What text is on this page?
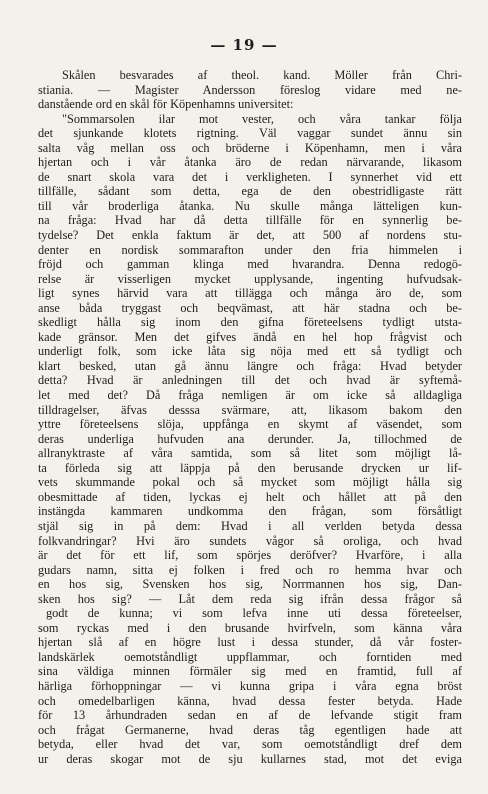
— 19 —
Skålen besvarades af theol. kand. Möller från Chri-
stiania. — Magister Andersson föreslog vidare med ne-
danstående ord en skål för Köpenhamns universitet:
"Sommarsolen ilar mot vester, och våra tankar följa
det sjunkande klotets rigtning. Väl vaggar sundet ännu sin
salta våg mellan oss och bröderne i Köpenhamn, men i våra
hjertan och i vår åtanka äro de redan närvarande, likasom
de snart skola vara det i verkligheten. I synnerhet vid ett
tillfälle, sådant som detta, ega de den obestridligaste rätt
till vår broderliga åtanka. Nu skulle många lätteligen kun-
na fråga: Hvad har då detta tillfälle för en synnerlig be-
tydelse? Det enkla faktum är det, att 500 af nordens stu-
denter en nordisk sommarafton under den fria himmelen i
fröjd och gamman klinga med hvarandra. Denna redogö-
relse är visserligen mycket upplysande, ingenting hufvudsak-
ligt synes härvid vara att tillägga och många äro de, som
anse båda tryggast och beqvämast, att här stadna och be-
skedligt hålla sig inom den gifna företeelsens tydligt utsta-
kade gränsor. Men det gifves ändå en hel hop frågvist och
underligt folk, som icke låta sig nöja med ett så tydligt och
klart besked, utan gå ännu längre och fråga: Hvad betyder
detta? Hvad är anledningen till det och hvad är syftemå-
let med det? Då fråga nemligen är om icke så alldagliga
tilldragelser, äfvas desssa svärmare, att, likasom bakom den
yttre företeelsens slöja, uppfånga en skymt af väsendet, som
deras underliga hufvuden ana derunder. Ja, tillochmed de
allranyktraste af våra samtida, som så litet som möjligt lå-
ta förleda sig att läppja på den berusande drycken ur lif-
vets skummande pokal och så mycket som möjligt hålla sig
obesmittade af tiden, lyckas ej helt och hållet att på den
instängda kammaren undkomma den frågan, som försåtligt
stjäl sig in på dem: Hvad i all verlden betyda dessa
folkvandringar? Hvi äro sundets vågor så oroliga, och hvad
är det för ett lif, som spörjes deröfver? Hvarföre, i alla
gudars namn, sitta ej folken i fred och ro hemma hvar och
en hos sig, Svensken hos sig, Norrmannen hos sig, Dan-
sken hos sig? — Låt dem reda sig ifrån dessa frågor så
godt de kunna; vi som lefva inne uti dessa företeelser,
som ryckas med i den brusande hvirfveln, som känna våra
hjertan slå af en högre lust i dessa stunder, då vår foster-
landskärlek oemotståndligt uppflammar, och forntiden med
sina väldiga minnen förmäler sig med en framtid, full af
härliga förhoppningar — vi kunna gripa i våra egna bröst
och omedelbarligen känna, hvad dessa fester betyda. Hade
för 13 århundraden sedan en af de lefvande stigit fram
och frågat Germanerne, hvad deras tåg egentligen hade att
betyda, eller hvad det var, som oemotståndligt dref dem
ur deras skogar mot de sju kullarnes stad, mot det evigа
